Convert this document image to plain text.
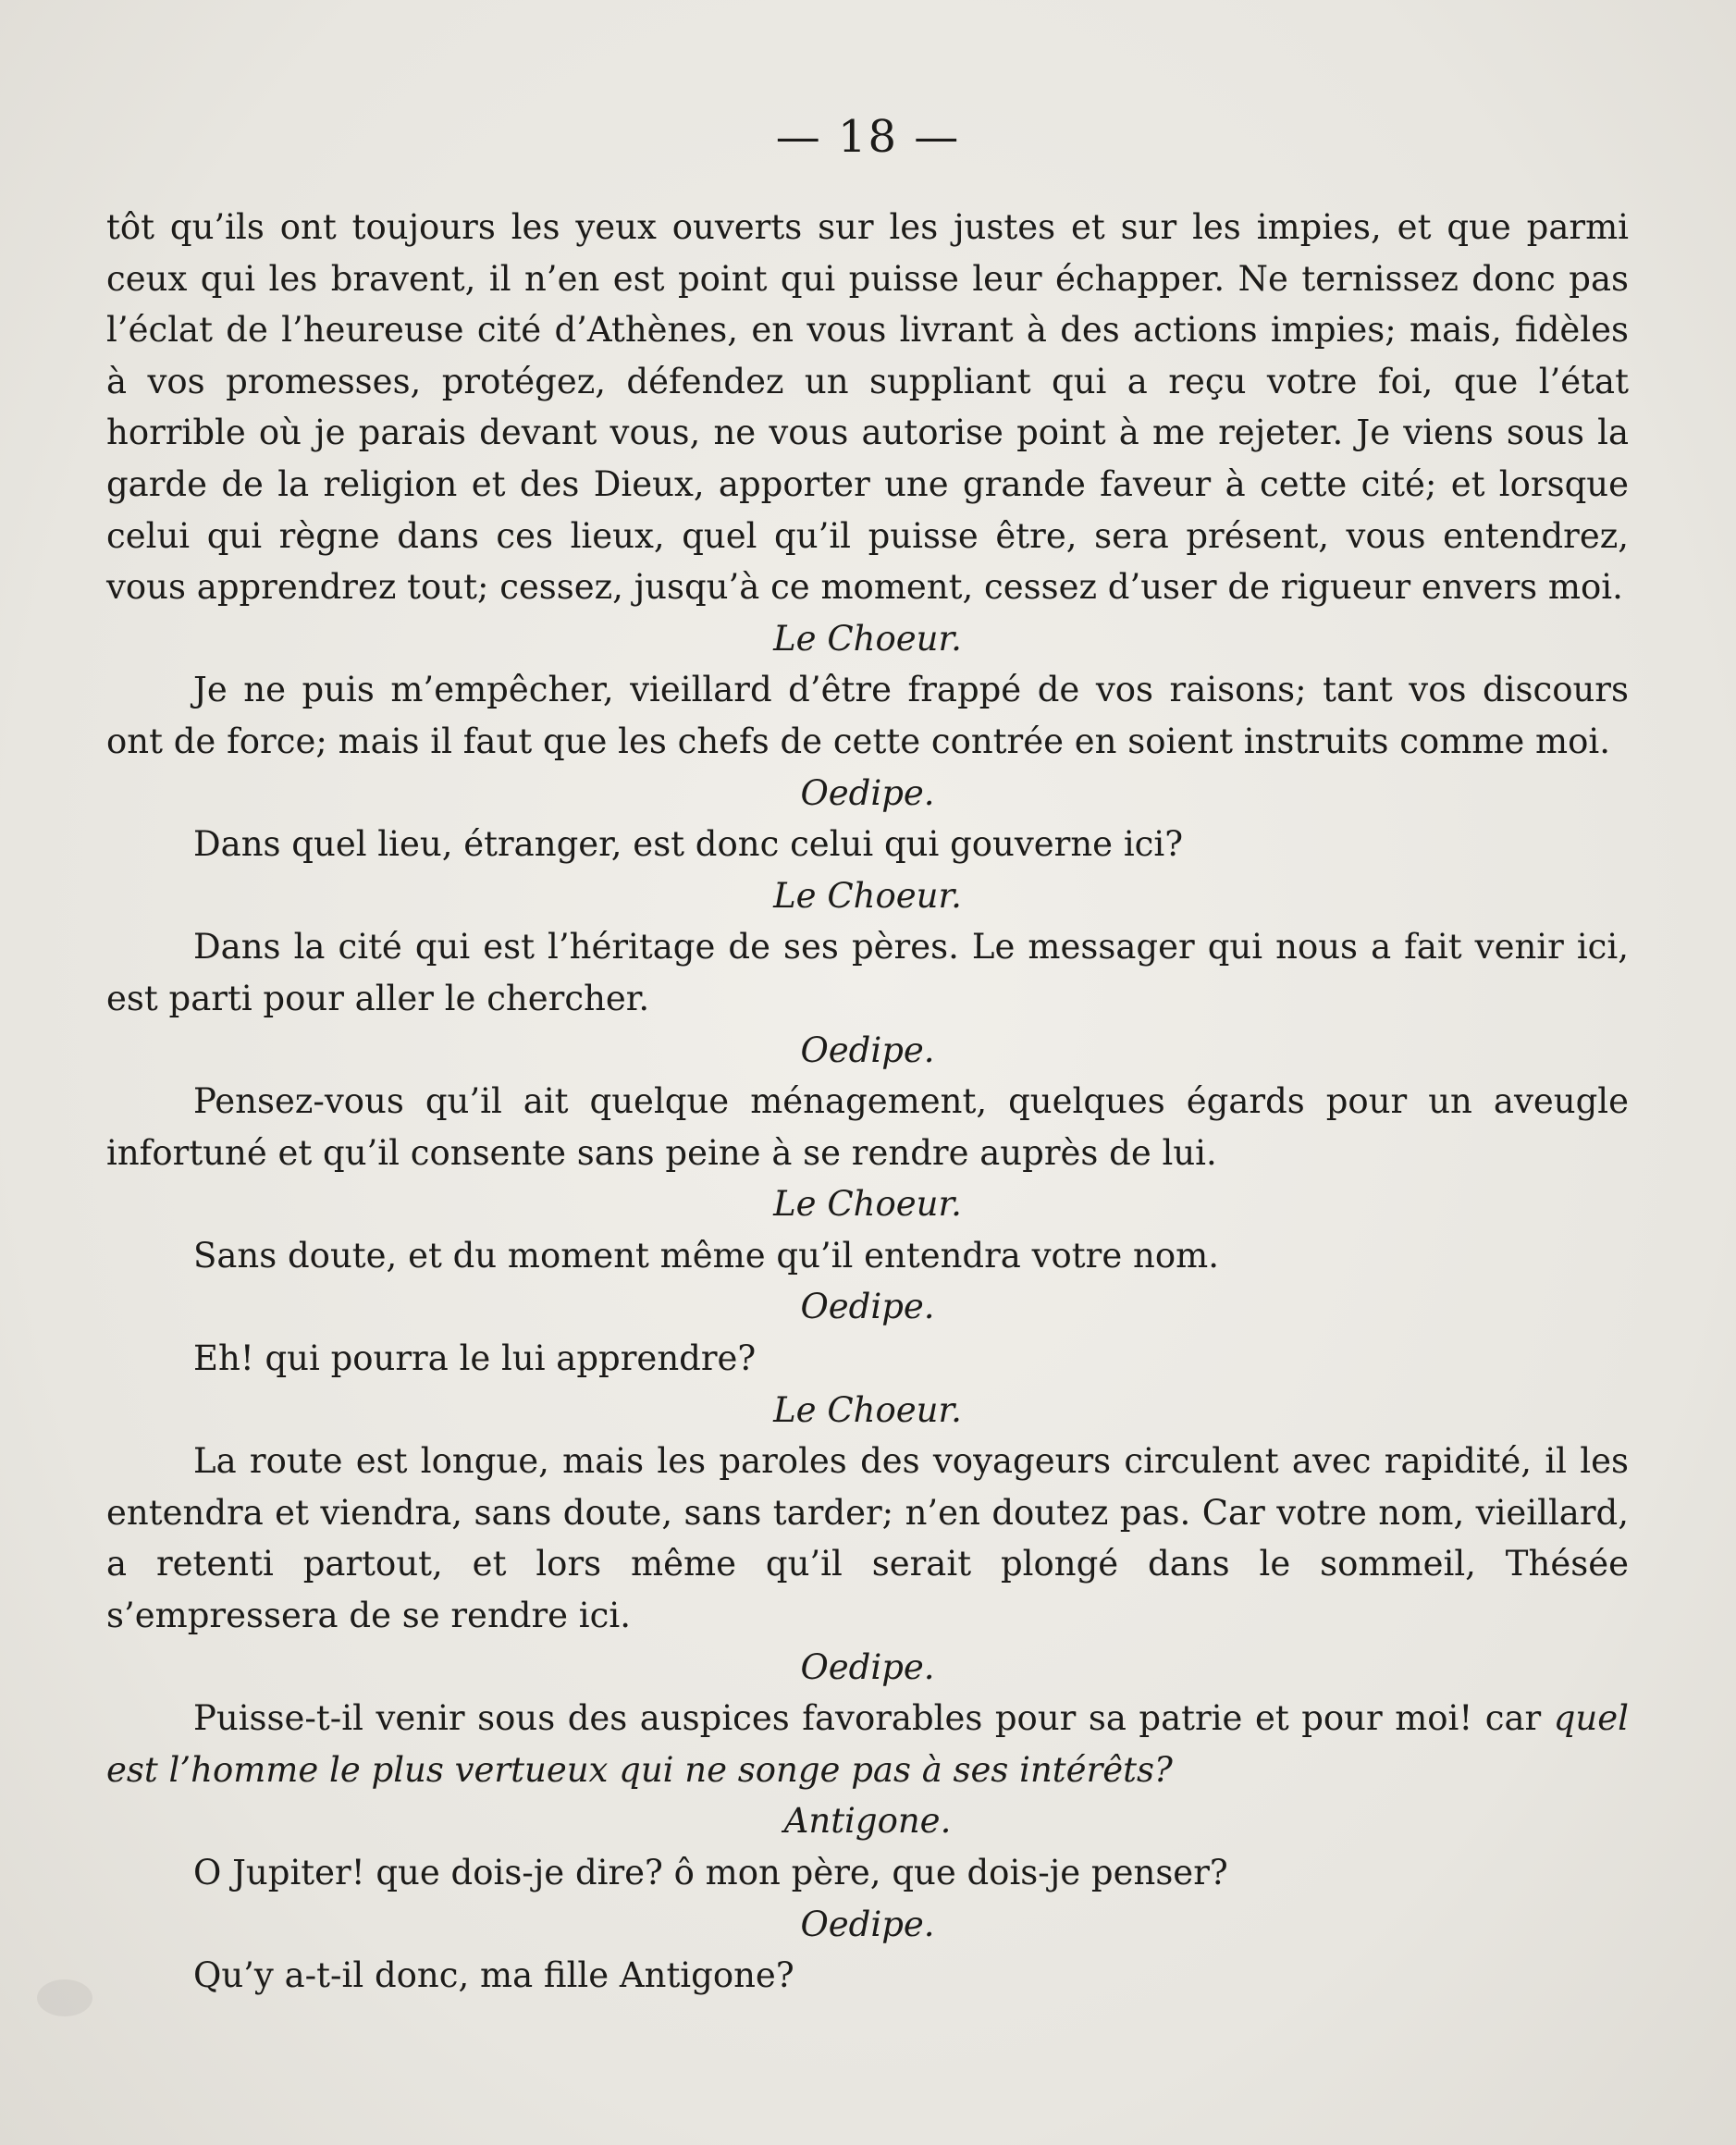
— 18 —

tôt qu’ils ont toujours les yeux ouverts sur les justes et sur les impies, et que parmi ceux qui les bravent, il n’en est point qui puisse leur échapper. Ne ternissez donc pas l’éclat de l’heureuse cité d’Athènes, en vous livrant à des actions impies; mais, fidèles à vos promesses, protégez, défendez un suppliant qui a reçu votre foi, que l’état horrible où je parais devant vous, ne vous autorise point à me rejeter. Je viens sous la garde de la religion et des Dieux, apporter une grande faveur à cette cité; et lorsque celui qui règne dans ces lieux, quel qu’il puisse être, sera présent, vous entendrez, vous apprendrez tout; cessez, jusqu’à ce moment, cessez d’user de rigueur envers moi.

Le Choeur.

Je ne puis m’empêcher, vieillard d’être frappé de vos raisons; tant vos discours ont de force; mais il faut que les chefs de cette contrée en soient instruits comme moi.

Oedipe.

Dans quel lieu, étranger, est donc celui qui gouverne ici?

Le Choeur.

Dans la cité qui est l’héritage de ses pères. Le messager qui nous a fait venir ici, est parti pour aller le chercher.

Oedipe.

Pensez-vous qu’il ait quelque ménagement, quelques égards pour un aveugle infortuné et qu’il consente sans peine à se rendre auprès de lui.

Le Choeur.

Sans doute, et du moment même qu’il entendra votre nom.

Oedipe.

Eh! qui pourra le lui apprendre?

Le Choeur.

La route est longue, mais les paroles des voyageurs circulent avec rapidité, il les entendra et viendra, sans doute, sans tarder; n’en doutez pas. Car votre nom, vieillard, a retenti partout, et lors même qu’il serait plongé dans le sommeil, Thésée s’empressera de se rendre ici.

Oedipe.

Puisse-t-il venir sous des auspices favorables pour sa patrie et pour moi! car quel est l’homme le plus vertueux qui ne songe pas à ses intérêts?

Antigone.

O Jupiter! que dois-je dire? ô mon père, que dois-je penser?

Oedipe.

Qu’y a-t-il donc, ma fille Antigone?
